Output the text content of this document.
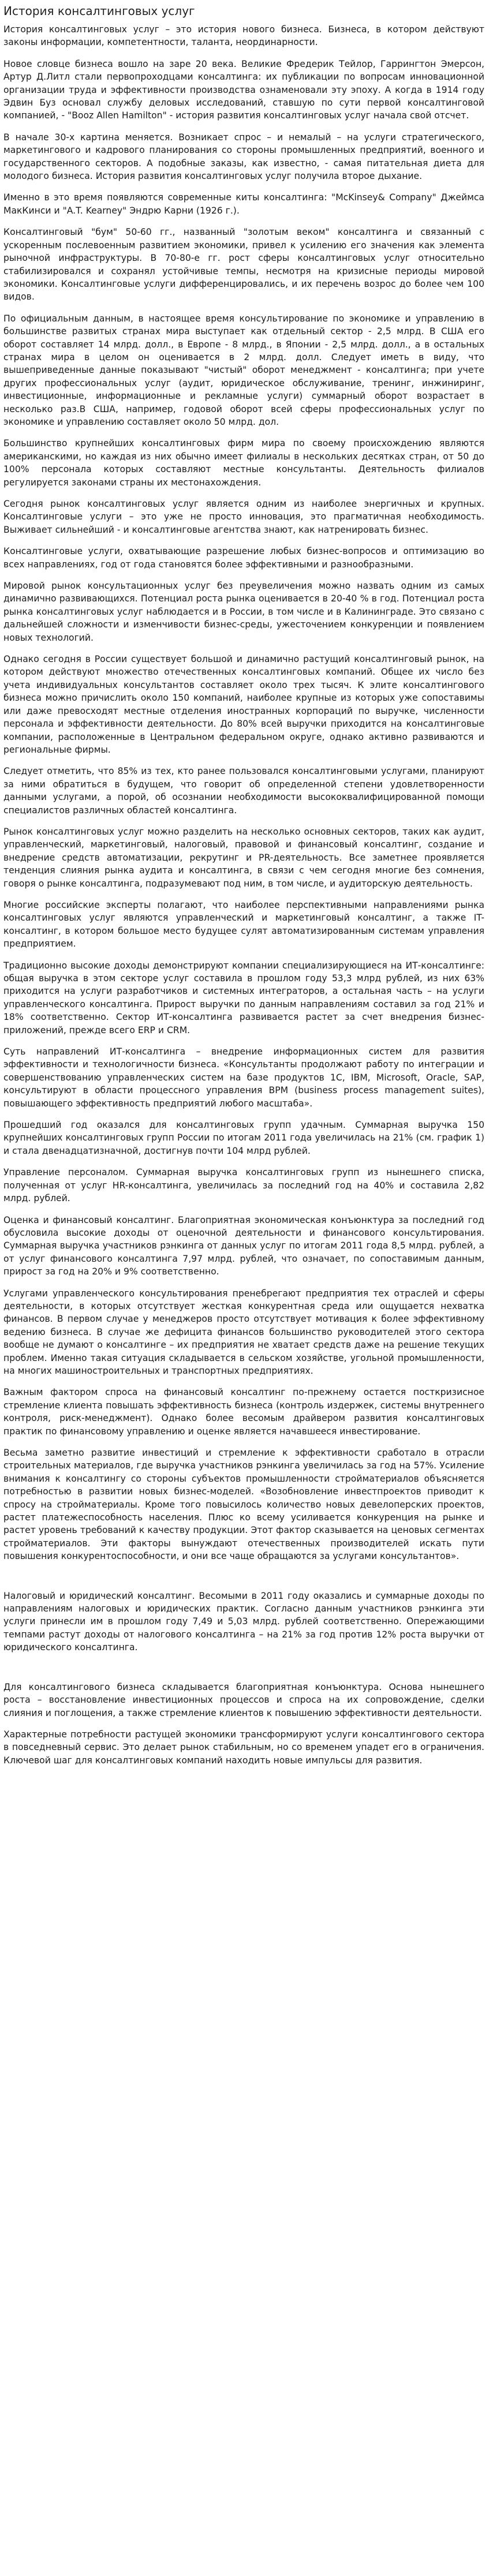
История консалтинговых услуг

История консалтинговых услуг – это история нового бизнеса. Бизнеса, в котором действуют законы информации, компетентности, таланта, неординарности.

Новое словце бизнеса вошло на заре 20 века. Великие Фредерик Тейлор, Гаррингтон Эмерсон, Артур Д.Литл стали первопроходцами консалтинга: их публикации по вопросам инновационной организации труда и эффективности производства ознаменовали эту эпоху. А когда в 1914 году Эдвин Буз основал службу деловых исследований, ставшую по сути первой консалтинговой компанией, - "Booz Allen Hamilton" - история развития консалтинговых услуг начала свой отсчет.

В начале 30-х картина меняется. Возникает спрос – и немалый – на услуги стратегического, маркетингового и кадрового планирования со стороны промышленных предприятий, военного и государственного секторов. А подобные заказы, как известно, - самая питательная диета для молодого бизнеса. История развития консалтинговых услуг получила второе дыхание.

Именно в это время появляются современные киты консалтинга: "McKinsey& Company" Джеймса МакКинси и "A.T. Kearney" Эндрю Карни (1926 г.).

Консалтинговый "бум" 50-60 гг., названный "золотым веком" консалтинга и связанный с ускоренным послевоенным развитием экономики, привел к усилению его значения как элемента рыночной инфраструктуры. В 70-80-е гг. рост сферы консалтинговых услуг относительно стабилизировался и сохранял устойчивые темпы, несмотря на кризисные периоды мировой экономики. Консалтинговые услуги дифференцировались, и их перечень возрос до более чем 100 видов.

По официальным данным, в настоящее время консультирование по экономике и управлению в большинстве развитых странах мира выступает как отдельный сектор - 2,5 млрд. В США его оборот составляет 14 млрд. долл., в Европе - 8 млрд., в Японии - 2,5 млрд. долл., а в остальных странах мира в целом он оценивается в 2 млрд. долл. Следует иметь в виду, что вышеприведенные данные показывают "чистый" оборот менеджмент - консалтинга; при учете других профессиональных услуг (аудит, юридическое обслуживание, тренинг, инжиниринг, инвестиционные, информационные и рекламные услуги) суммарный оборот возрастает в несколько раз.В США, например, годовой оборот всей сферы профессиональных услуг по экономике и управлению составляет около 50 млрд. дол.

Большинство крупнейших консалтинговых фирм мира по своему происхождению являются американскими, но каждая из них обычно имеет филиалы в нескольких десятках стран, от 50 до 100% персонала которых составляют местные консультанты. Деятельность филиалов регулируется законами страны их местонахождения.

Сегодня рынок консалтинговых услуг является одним из наиболее энергичных и крупных. Консалтинговые услуги – это уже не просто инновация, это прагматичная необходимость. Выживает сильнейший - и консалтинговые агентства знают, как натренировать бизнес.

Консалтинговые услуги, охватывающие разрешение любых бизнес-вопросов и оптимизацию во всех направлениях, год от года становятся более эффективными и разнообразными.

Мировой рынок консультационных услуг без преувеличения можно назвать одним из самых динамично развивающихся. Потенциал роста рынка оценивается в 20-40 % в год. Потенциал роста рынка консалтинговых услуг наблюдается и в России, в том числе и в Калининграде. Это связано с дальнейшей сложности и изменчивости бизнес-среды, ужесточением конкуренции и появлением новых технологий.

Однако сегодня в России существует большой и динамично растущий консалтинговый рынок, на котором действуют множество отечественных консалтинговых компаний. Общее их число без учета индивидуальных консультантов составляет около трех тысяч. К элите консалтингового бизнеса можно причислить около 150 компаний, наиболее крупные из которых уже сопоставимы или даже превосходят местные отделения иностранных корпораций по выручке, численности персонала и эффективности деятельности. До 80% всей выручки приходится на консалтинговые компании, расположенные в Центральном федеральном округе, однако активно развиваются и региональные фирмы.

Следует отметить, что 85% из тех, кто ранее пользовался консалтинговыми услугами, планируют за ними обратиться в будущем, что говорит об определенной степени удовлетворенности данными услугами, а порой, об осознании необходимости высококвалифицированной помощи специалистов различных областей консалтинга.

Рынок консалтинговых услуг можно разделить на несколько основных секторов, таких как аудит, управленческий, маркетинговый, налоговый, правовой и финансовый консалтинг, создание и внедрение средств автоматизации, рекрутинг и PR-деятельность. Все заметнее проявляется тенденция слияния рынка аудита и консалтинга, в связи с чем сегодня многие без сомнения, говоря о рынке консалтинга, подразумевают под ним, в том числе, и аудиторскую деятельность.

Многие российские эксперты полагают, что наиболее перспективными направлениями рынка консалтинговых услуг являются управленческий и маркетинговый консалтинг, а также IT-консалтинг, в котором большое место будущее сулят автоматизированным системам управления предприятием.

Традиционно высокие доходы демонстрируют компании специализирующиеся на ИТ-консалтинге: общая выручка в этом секторе услуг составила в прошлом году 53,3 млрд рублей, из них 63% приходится на услуги разработчиков и системных интеграторов, а остальная часть – на услуги управленческого консалтинга. Прирост выручки по данным направлениям составил за год 21% и 18% соответственно. Сектор ИТ-консалтинга развивается растет за счет внедрения бизнес-приложений, прежде всего ERP и CRM.

Суть направлений ИТ-консалтинга – внедрение информационных систем для развития эффективности и технологичности бизнеса. «Консультанты продолжают работу по интеграции и совершенствованию управленческих систем на базе продуктов 1С, IBM, Microsoft, Oracle, SAP, консультируют в области процессного управления BPM (business process management suites), повышающего эффективность предприятий любого масштаба».

Прошедший год оказался для консалтинговых групп удачным. Суммарная выручка 150 крупнейших консалтинговых групп России по итогам 2011 года увеличилась на 21% (см. график 1) и стала двенадцатизначной, достигнув почти 104 млрд рублей.

Управление персоналом. Суммарная выручка консалтинговых групп из нынешнего списка, полученная от услуг HR-консалтинга, увеличилась за последний год на 40% и составила 2,82 млрд. рублей.

Оценка и финансовый консалтинг. Благоприятная экономическая конъюнктура за последний год обусловила высокие доходы от оценочной деятельности и финансового консультирования. Суммарная выручка участников рэнкинга от данных услуг по итогам 2011 года 8,5 млрд. рублей, а от услуг финансового консалтинга 7,97 млрд. рублей, что означает, по сопоставимым данным, прирост за год на 20% и 9% соответственно.

Услугами управленческого консультирования пренебрегают предприятия тех отраслей и сферы деятельности, в которых отсутствует жесткая конкурентная среда или ощущается нехватка финансов. В первом случае у менеджеров просто отсутствует мотивация к более эффективному ведению бизнеса. В случае же дефицита финансов большинство руководителей этого сектора вообще не думают о консалтинге – их предприятия не хватает средств даже на решение текущих проблем. Именно такая ситуация складывается в сельском хозяйстве, угольной промышленности, на многих машиностроительных и транспортных предприятиях.

Важным фактором спроса на финансовый консалтинг по-прежнему остается посткризисное стремление клиента повышать эффективность бизнеса (контроль издержек, системы внутреннего контроля, риск-менеджмент). Однако более весомым драйвером развития консалтинговых практик по финансовому управлению и оценке является начавшееся инвестирование.

Весьма заметно развитие инвестиций и стремление к эффективности сработало в отрасли строительных материалов, где выручка участников рэнкинга увеличилась за год на 57%. Усиление внимания к консалтингу со стороны субъектов промышленности стройматериалов объясняется потребностью в развитии новых бизнес-моделей. «Возобновление инвестпроектов приводит к спросу на стройматериалы. Кроме того повысилось количество новых девелоперских проектов, растет платежеспособность населения. Плюс ко всему усиливается конкуренция на рынке и растет уровень требований к качеству продукции. Этот фактор сказывается на ценовых сегментах стройматериалов. Эти факторы вынуждают отечественных производителей искать пути повышения конкурентоспособности, и они все чаще обращаются за услугами консультантов».

Налоговый и юридический консалтинг. Весомыми в 2011 году оказались и суммарные доходы по направлениям налоговых и юридических практик. Согласно данным участников рэнкинга эти услуги принесли им в прошлом году 7,49 и 5,03 млрд. рублей соответственно. Опережающими темпами растут доходы от налогового консалтинга – на 21% за год против 12% роста выручки от юридического консалтинга.

Для консалтингового бизнеса складывается благоприятная конъюнктура. Основа нынешнего роста – восстановление инвестиционных процессов и спроса на их сопровождение, сделки слияния и поглощения, а также стремление клиентов к повышению эффективности деятельности.

Характерные потребности растущей экономики трансформируют услуги консалтингового сектора в повседневный сервис. Это делает рынок стабильным, но со временем упадет его в ограничения. Ключевой шаг для консалтинговых компаний находить новые импульсы для развития.
